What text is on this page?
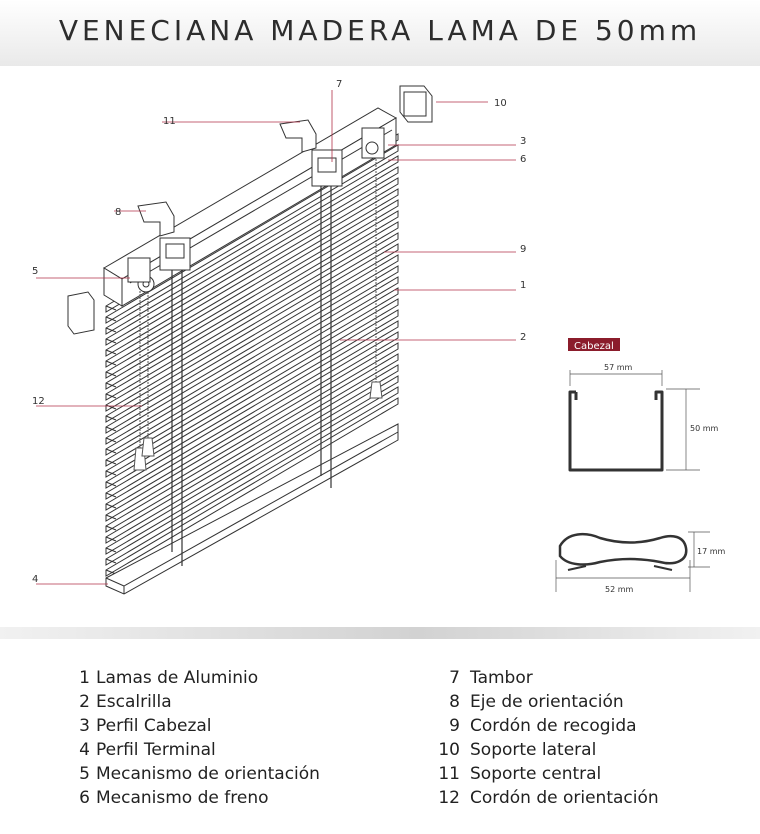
VENECIANA MADERA LAMA DE 50mm
1
2
3
4
5
6
7
8
9
10
11
12
Cabezal
57 mm
50 mm
52 mm
17 mm
1 Lamas de Aluminio
2 Escalrilla
3 Perfil Cabezal
4 Perfil Terminal
5 Mecanismo de orientación
6 Mecanismo de freno
7 Tambor
8 Eje de orientación
9 Cordón de recogida
10 Soporte lateral
11 Soporte central
12 Cordón de orientación
